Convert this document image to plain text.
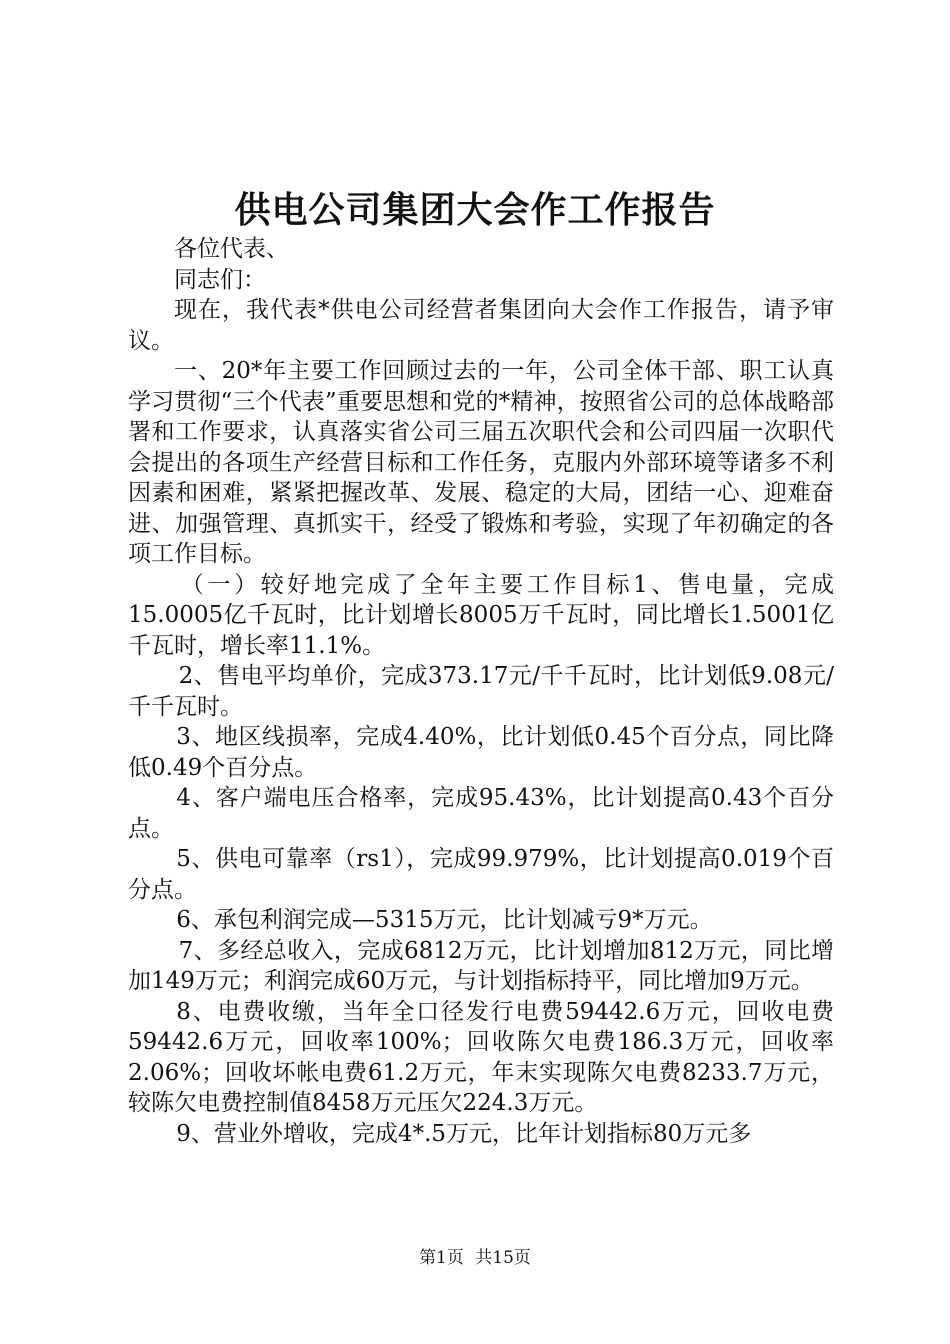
供电公司集团大会作工作报告

各位代表、

同志们：

现在，我代表*供电公司经营者集团向大会作工作报告，请予审议。

一、20*年主要工作回顾过去的一年，公司全体干部、职工认真学习贯彻“三个代表”重要思想和党的*精神，按照省公司的总体战略部署和工作要求，认真落实省公司三届五次职代会和公司四届一次职代会提出的各项生产经营目标和工作任务，克服内外部环境等诸多不利因素和困难，紧紧把握改革、发展、稳定的大局，团结一心、迎难奋进、加强管理、真抓实干，经受了锻炼和考验，实现了年初确定的各项工作目标。

（一）较好地完成了全年主要工作目标1、售电量，完成15.0005亿千瓦时，比计划增长8005万千瓦时，同比增长1.5001亿千瓦时，增长率11.1%。

2、售电平均单价，完成373.17元/千千瓦时，比计划低9.08元/千千瓦时。

3、地区线损率，完成4.40%，比计划低0.45个百分点，同比降低0.49个百分点。

4、客户端电压合格率，完成95.43%，比计划提高0.43个百分点。

5、供电可靠率（rs1），完成99.979%，比计划提高0.019个百分点。

6、承包利润完成—5315万元，比计划减亏9*万元。

7、多经总收入，完成6812万元，比计划增加812万元，同比增加149万元；利润完成60万元，与计划指标持平，同比增加9万元。

8、电费收缴，当年全口径发行电费59442.6万元，回收电费59442.6万元，回收率100%；回收陈欠电费186.3万元，回收率2.06%；回收坏帐电费61.2万元，年末实现陈欠电费8233.7万元，较陈欠电费控制值8458万元压欠224.3万元。

9、营业外增收，完成4*.5万元，比年计划指标80万元多

第1页 共15页
